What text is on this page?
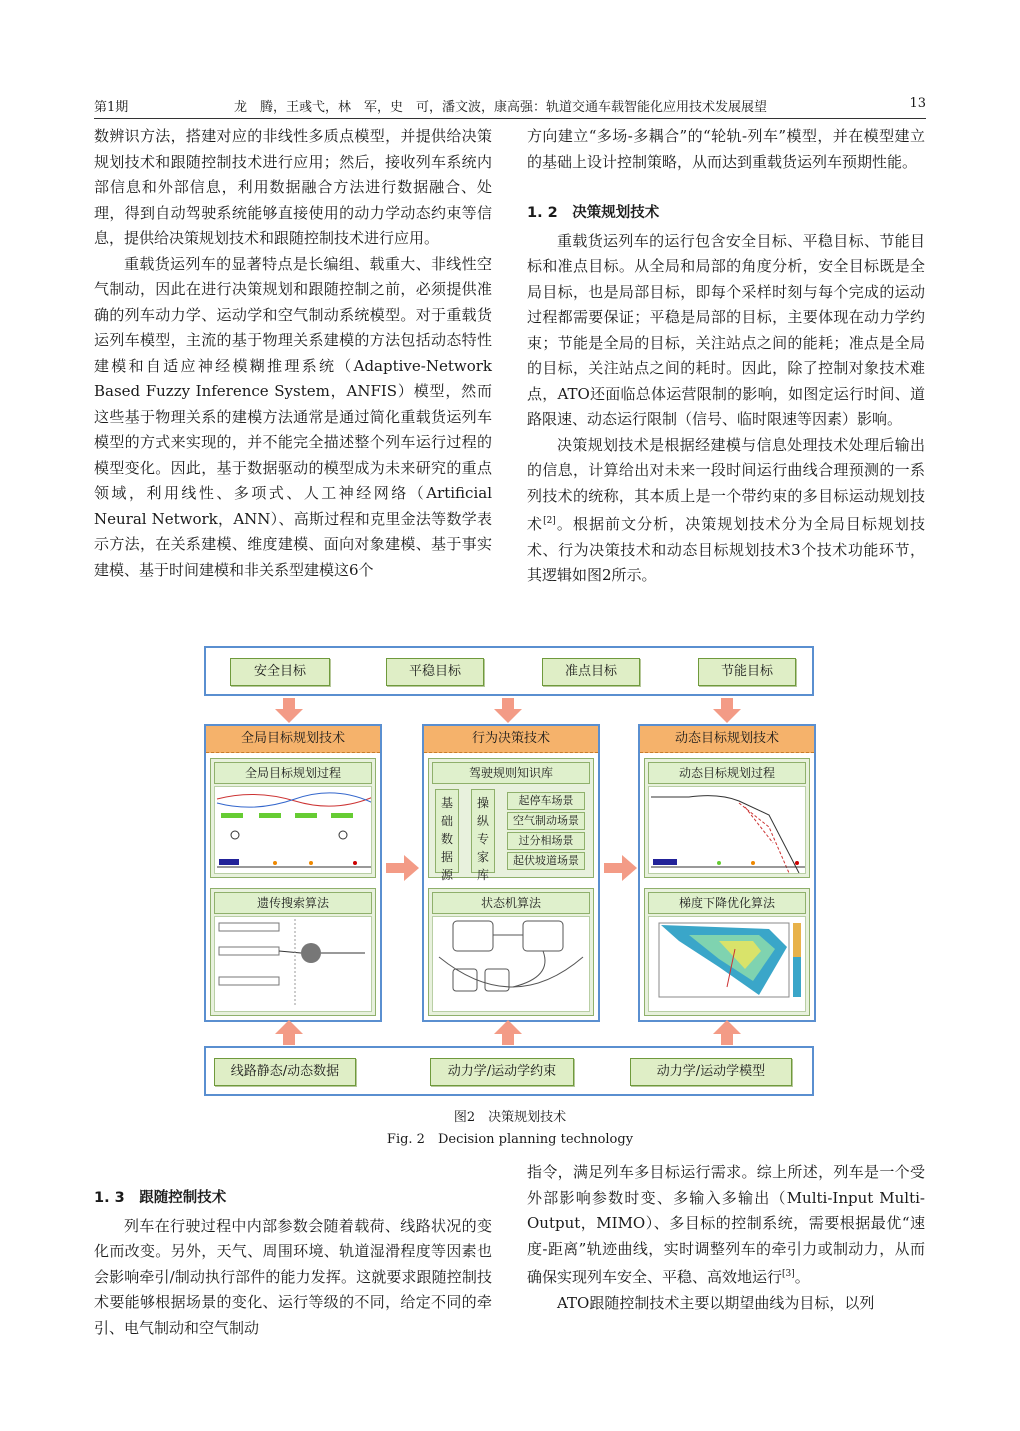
第1期	龙　腾，王彧弋，林　军，史　可，潘文波，康高强：轨道交通车载智能化应用技术发展展望	13

数辨识方法，搭建对应的非线性多质点模型，并提供给决策规划技术和跟随控制技术进行应用；然后，接收列车系统内部信息和外部信息，利用数据融合方法进行数据融合、处理，得到自动驾驶系统能够直接使用的动力学动态约束等信息，提供给决策规划技术和跟随控制技术进行应用。

重载货运列车的显著特点是长编组、载重大、非线性空气制动，因此在进行决策规划和跟随控制之前，必须提供准确的列车动力学、运动学和空气制动系统模型。对于重载货运列车模型，主流的基于物理关系建模的方法包括动态特性建模和自适应神经模糊推理系统（Adaptive-Network Based Fuzzy Inference System，ANFIS）模型，然而这些基于物理关系的建模方法通常是通过简化重载货运列车模型的方式来实现的，并不能完全描述整个列车运行过程的模型变化。因此，基于数据驱动的模型成为未来研究的重点领域，利用线性、多项式、人工神经网络（Artificial Neural Network，ANN）、高斯过程和克里金法等数学表示方法，在关系建模、维度建模、面向对象建模、基于事实建模、基于时间建模和非关系型建模这6个

方向建立“多场-多耦合”的“轮轨-列车”模型，并在模型建立的基础上设计控制策略，从而达到重载货运列车预期性能。

1. 2　决策规划技术

重载货运列车的运行包含安全目标、平稳目标、节能目标和准点目标。从全局和局部的角度分析，安全目标既是全局目标，也是局部目标，即每个采样时刻与每个完成的运动过程都需要保证；平稳是局部的目标，主要体现在动力学约束；节能是全局的目标，关注站点之间的能耗；准点是全局的目标，关注站点之间的耗时。因此，除了控制对象技术难点，ATO还面临总体运营限制的影响，如图定运行时间、道路限速、动态运行限制（信号、临时限速等因素）影响。

决策规划技术是根据经建模与信息处理技术处理后输出的信息，计算给出对未来一段时间运行曲线合理预测的一系列技术的统称，其本质上是一个带约束的多目标运动规划技术[2]。根据前文分析，决策规划技术分为全局目标规划技术、行为决策技术和动态目标规划技术3个技术功能环节，其逻辑如图2所示。

安全目标	平稳目标	准点目标	节能目标
全局目标规划技术
全局目标规划过程
遗传搜索算法
行为决策技术
驾驶规则知识库
基础数据源
操纵专家库
起停车场景
空气制动场景
过分相场景
起伏坡道场景
状态机算法
动态目标规划技术
动态目标规划过程
梯度下降优化算法
线路静态/动态数据	动力学/运动学约束	动力学/运动学模型
图2　决策规划技术
Fig. 2　Decision planning technology

1. 3　跟随控制技术

列车在行驶过程中内部参数会随着载荷、线路状况的变化而改变。另外，天气、周围环境、轨道湿滑程度等因素也会影响牵引/制动执行部件的能力发挥。这就要求跟随控制技术要能够根据场景的变化、运行等级的不同，给定不同的牵引、电气制动和空气制动

指令，满足列车多目标运行需求。综上所述，列车是一个受外部影响参数时变、多输入多输出（Multi-Input Multi-Output，MIMO）、多目标的控制系统，需要根据最优“速度-距离”轨迹曲线，实时调整列车的牵引力或制动力，从而确保实现列车安全、平稳、高效地运行[3]。

ATO跟随控制技术主要以期望曲线为目标，以列
